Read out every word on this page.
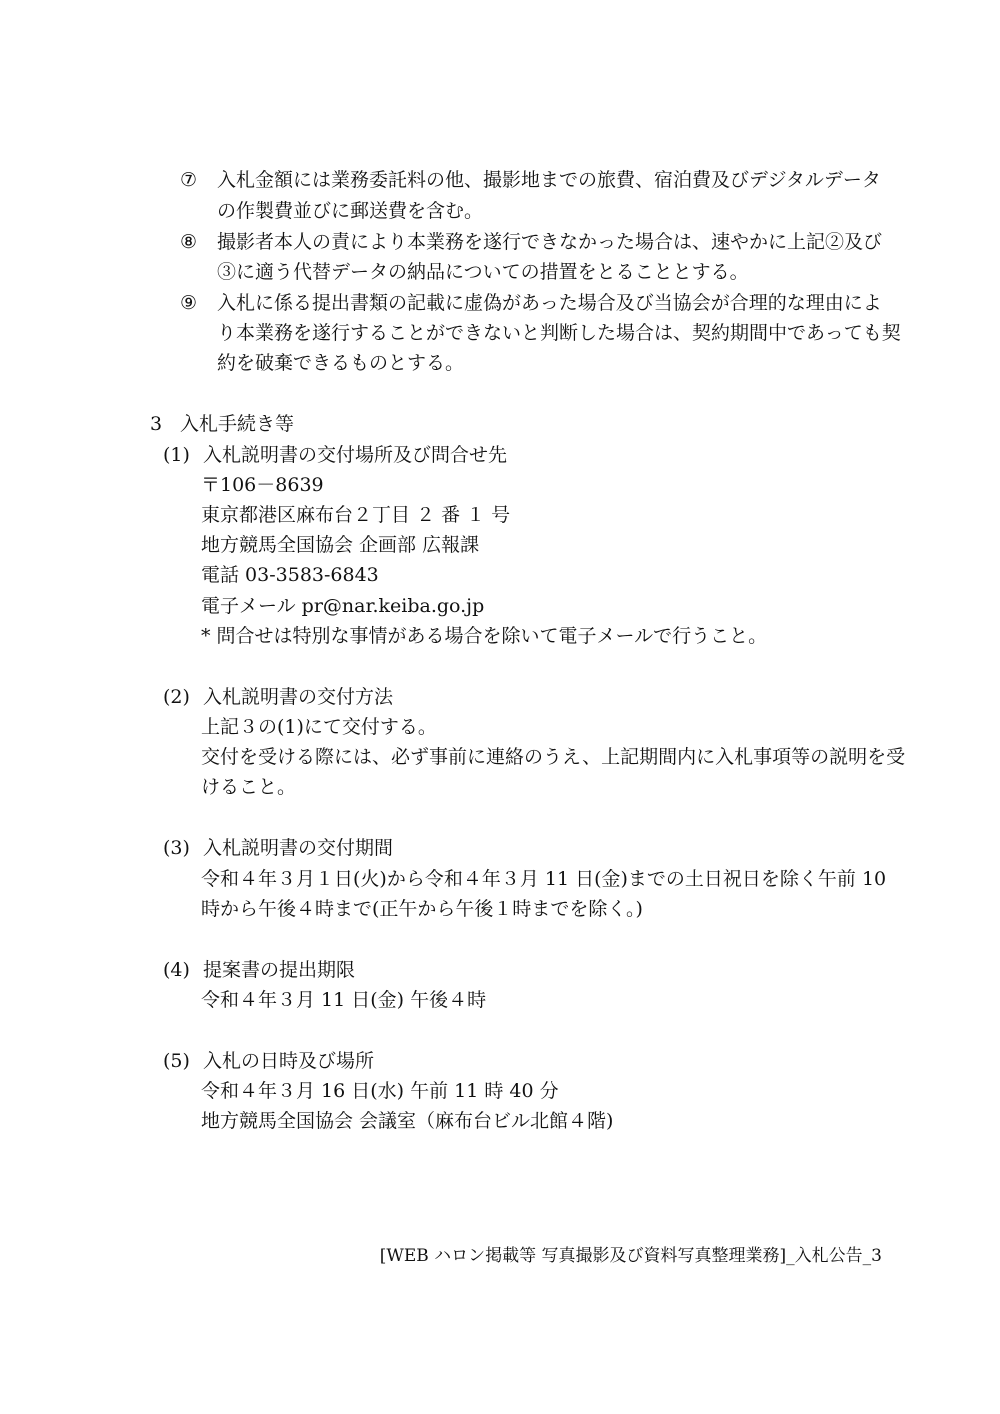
⑦ 入札金額には業務委託料の他、撮影地までの旅費、宿泊費及びデジタルデータ
の作製費並びに郵送費を含む。
⑧ 撮影者本人の責により本業務を遂行できなかった場合は、速やかに上記②及び
③に適う代替データの納品についての措置をとることとする。
⑨ 入札に係る提出書類の記載に虚偽があった場合及び当協会が合理的な理由によ
り本業務を遂行することができないと判断した場合は、契約期間中であっても契
約を破棄できるものとする。
3 入札手続き等
(1) 入札説明書の交付場所及び問合せ先
〒106－8639
東京都港区麻布台２丁目 ２ 番 １ 号
地方競馬全国協会 企画部 広報課
電話 03-3583-6843
電子メール pr@nar.keiba.go.jp
* 問合せは特別な事情がある場合を除いて電子メールで行うこと。
(2) 入札説明書の交付方法
上記３の(1)にて交付する。
交付を受ける際には、必ず事前に連絡のうえ、上記期間内に入札事項等の説明を受
けること。
(3) 入札説明書の交付期間
令和４年３月１日(火)から令和４年３月 11 日(金)までの土日祝日を除く午前 10
時から午後４時まで(正午から午後１時までを除く。)
(4) 提案書の提出期限
令和４年３月 11 日(金) 午後４時
(5) 入札の日時及び場所
令和４年３月 16 日(水) 午前 11 時 40 分
地方競馬全国協会 会議室（麻布台ビル北館４階)
[WEB ハロン掲載等 写真撮影及び資料写真整理業務]_入札公告_3
